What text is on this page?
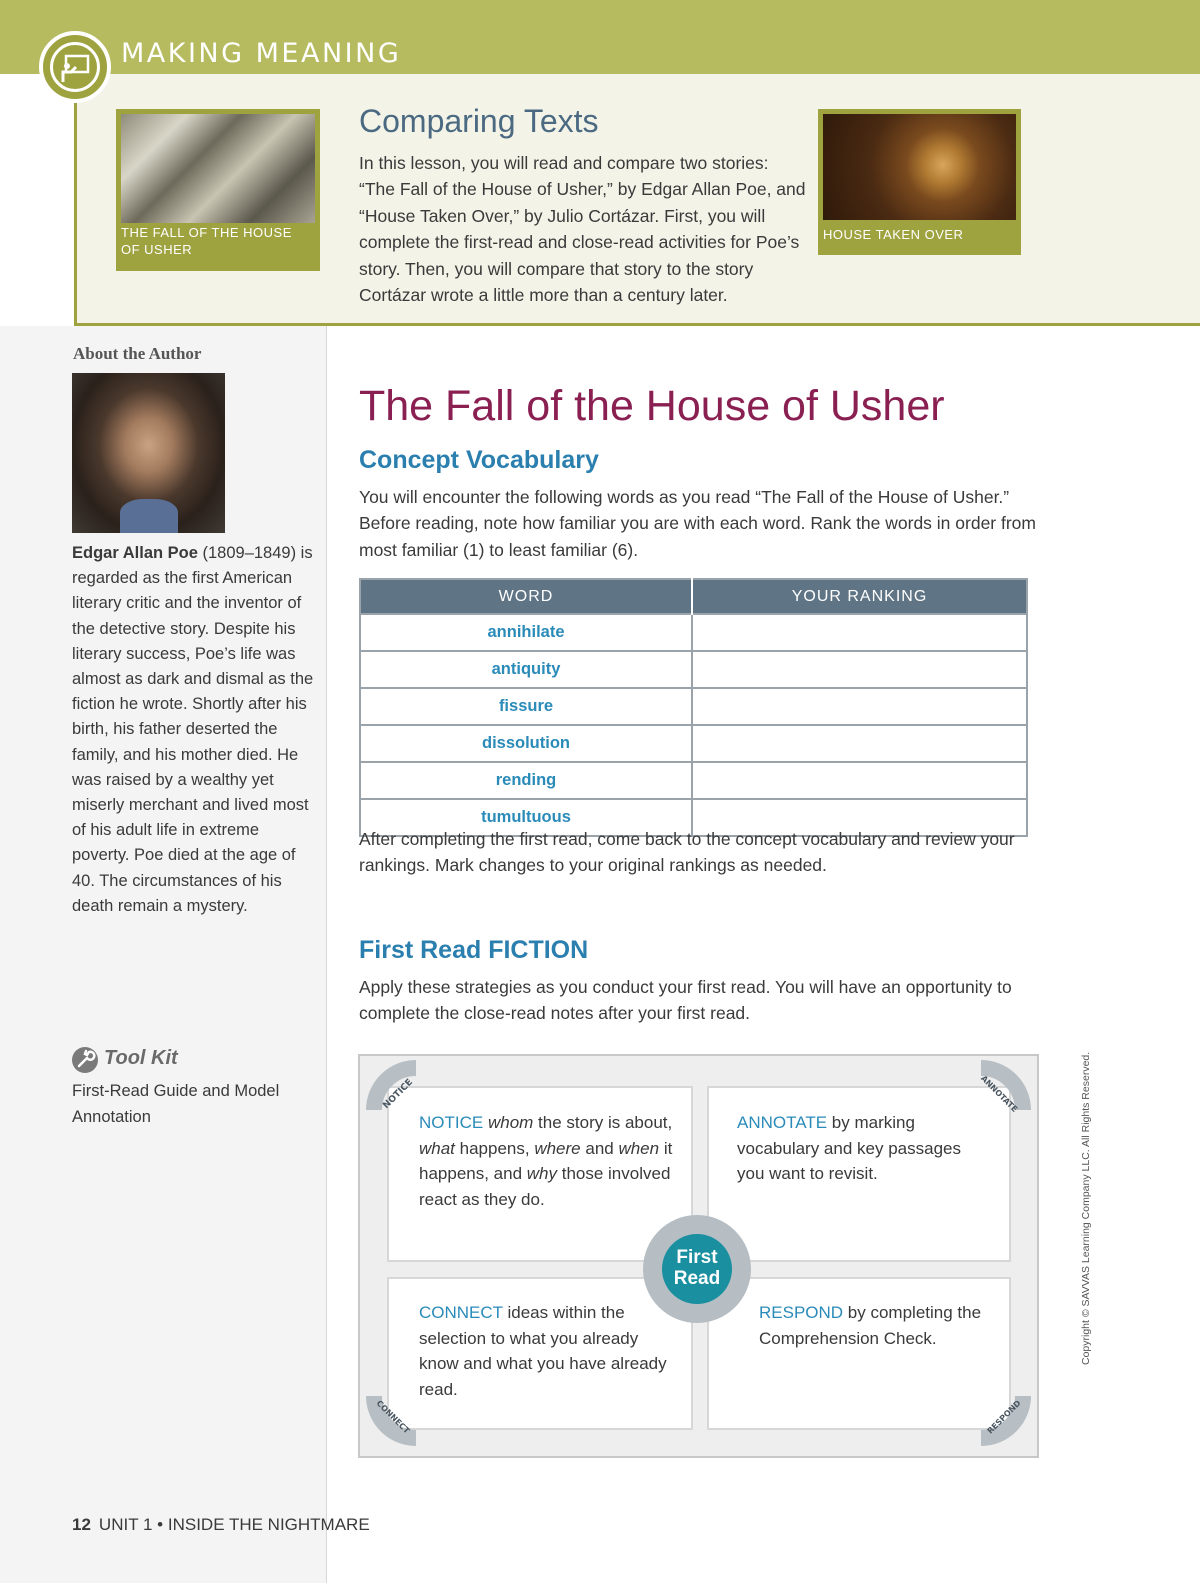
MAKING MEANING
THE FALL OF THE HOUSE OF USHER
HOUSE TAKEN OVER
Comparing Texts
In this lesson, you will read and compare two stories: “The Fall of the House of Usher,” by Edgar Allan Poe, and “House Taken Over,” by Julio Cortázar. First, you will complete the first-read and close-read activities for Poe’s story. Then, you will compare that story to the story Cortázar wrote a little more than a century later.
About the Author
Edgar Allan Poe (1809–1849) is regarded as the first American literary critic and the inventor of the detective story. Despite his literary success, Poe’s life was almost as dark and dismal as the fiction he wrote. Shortly after his birth, his father deserted the family, and his mother died. He was raised by a wealthy yet miserly merchant and lived most of his adult life in extreme poverty. Poe died at the age of 40. The circumstances of his death remain a mystery.
Tool Kit
First-Read Guide and Model Annotation
The Fall of the House of Usher
Concept Vocabulary
You will encounter the following words as you read “The Fall of the House of Usher.” Before reading, note how familiar you are with each word. Rank the words in order from most familiar (1) to least familiar (6).
WORD	YOUR RANKING
annihilate	
antiquity	
fissure	
dissolution	
rending	
tumultuous	
After completing the first read, come back to the concept vocabulary and review your rankings. Mark changes to your original rankings as needed.
First Read FICTION
Apply these strategies as you conduct your first read. You will have an opportunity to complete the close-read notes after your first read.
NOTICE whom the story is about, what happens, where and when it happens, and why those involved react as they do.
ANNOTATE by marking vocabulary and key passages you want to revisit.
CONNECT ideas within the selection to what you already know and what you have already read.
RESPOND by completing the Comprehension Check.
NOTICE	ANNOTATE
CONNECT	RESPOND
First
Read	Copyright © SAVVAS Learning Company LLC. All Rights Reserved.
12 UNIT 1 • INSIDE THE NIGHTMARE
